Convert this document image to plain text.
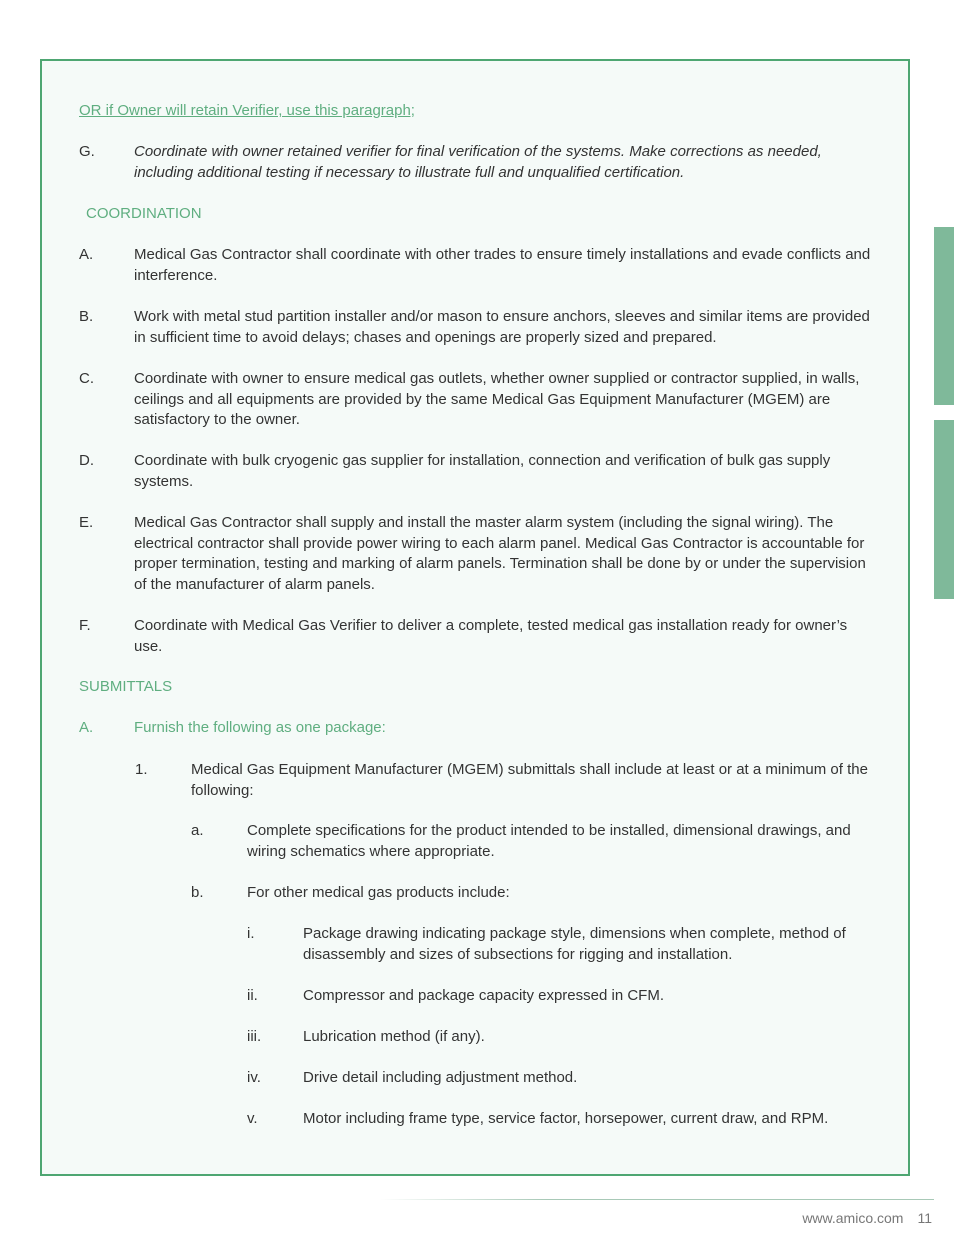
OR if Owner will retain Verifier, use this paragraph;
G.	Coordinate with owner retained verifier for final verification of the systems. Make corrections as needed, including additional testing if necessary to illustrate full and unqualified certification.
COORDINATION
A.	Medical Gas Contractor shall coordinate with other trades to ensure timely installations and evade conflicts and interference.
B.	Work with metal stud partition installer and/or mason to ensure anchors, sleeves and similar items are provided in sufficient time to avoid delays; chases and openings are properly sized and prepared.
C.	Coordinate with owner to ensure medical gas outlets, whether owner supplied or contractor supplied, in walls, ceilings and all equipments are provided by the same Medical Gas Equipment Manufacturer (MGEM) are satisfactory to the owner.
D.	Coordinate with bulk cryogenic gas supplier for installation, connection and verification of bulk gas supply systems.
E.	Medical Gas Contractor shall supply and install the master alarm system (including the signal wiring). The electrical contractor shall provide power wiring to each alarm panel. Medical Gas Contractor is accountable for proper termination, testing and marking of alarm panels. Termination shall be done by or under the supervision of the manufacturer of alarm panels.
F.	Coordinate with Medical Gas Verifier to deliver a complete, tested medical gas installation ready for owner’s use.
SUBMITTALS
A.	Furnish the following as one package:
1.	Medical Gas Equipment Manufacturer (MGEM) submittals shall include at least or at a minimum of the following:
a.	Complete specifications for the product intended to be installed, dimensional drawings, and wiring schematics where appropriate.
b.	For other medical gas products include:
i.	Package drawing indicating package style, dimensions when complete, method of disassembly and sizes of subsections for rigging and installation.
ii.	Compressor and package capacity expressed in CFM.
iii.	Lubrication method (if any).
iv.	Drive detail including adjustment method.
v.	Motor including frame type, service factor, horsepower, current draw, and RPM.
www.amico.com 11
